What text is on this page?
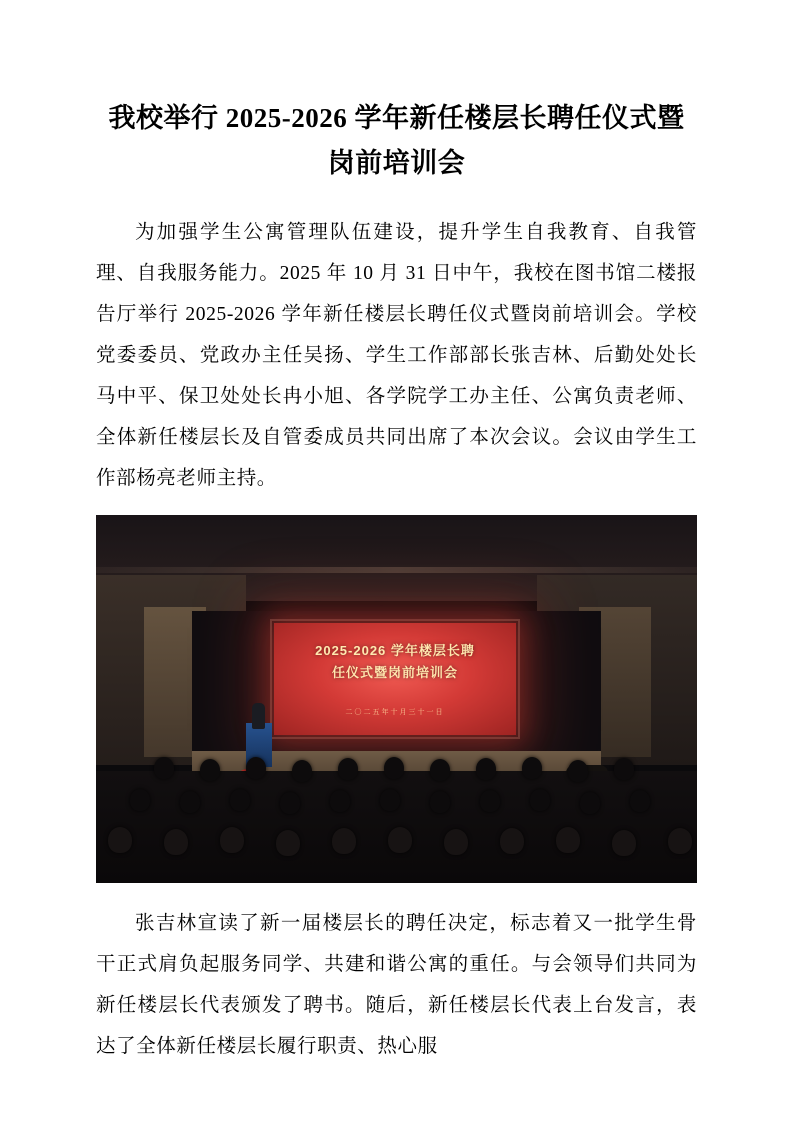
我校举行 2025-2026 学年新任楼层长聘任仪式暨岗前培训会

为加强学生公寓管理队伍建设，提升学生自我教育、自我管理、自我服务能力。2025 年 10 月 31 日中午，我校在图书馆二楼报告厅举行 2025-2026 学年新任楼层长聘任仪式暨岗前培训会。学校党委委员、党政办主任吴扬、学生工作部部长张吉林、后勤处处长马中平、保卫处处长冉小旭、各学院学工办主任、公寓负责老师、全体新任楼层长及自管委成员共同出席了本次会议。会议由学生工作部杨亮老师主持。

2025-2026 学年楼层长聘
任仪式暨岗前培训会
二〇二五年十月三十一日

张吉林宣读了新一届楼层长的聘任决定，标志着又一批学生骨干正式肩负起服务同学、共建和谐公寓的重任。与会领导们共同为新任楼层长代表颁发了聘书。随后，新任楼层长代表上台发言，表达了全体新任楼层长履行职责、热心服
